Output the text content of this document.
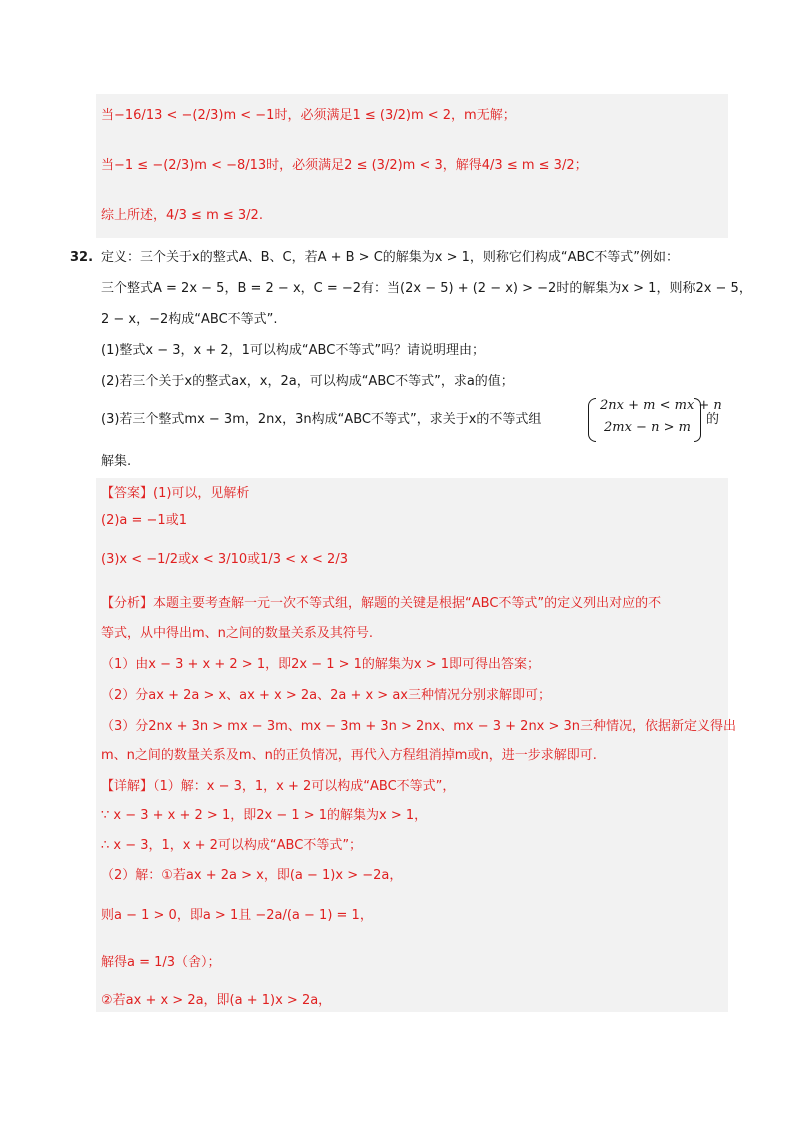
当−16/13 < −(2/3)m < −1时，必须满足1 ≤ (3/2)m < 2，m无解；
当−1 ≤ −(2/3)m < −8/13时，必须满足2 ≤ (3/2)m < 3，解得4/3 ≤ m ≤ 3/2；
综上所述，4/3 ≤ m ≤ 3/2.
32. 定义：三个关于x的整式A、B、C，若A + B > C的解集为x > 1，则称它们构成“ABC不等式”例如：
三个整式A = 2x − 5，B = 2 − x，C = −2有：当(2x − 5) + (2 − x) > −2时的解集为x > 1，则称2x − 5，
2 − x，−2构成“ABC不等式”.
(1)整式x − 3，x + 2，1可以构成“ABC不等式”吗？请说明理由；
(2)若三个关于x的整式ax，x，2a，可以构成“ABC不等式”，求a的值；
(3)若三个整式mx − 3m，2nx，3n构成“ABC不等式”，求关于x的不等式组
2nx + m < mx + n
2mx − n > m
的
解集.
【答案】(1)可以，见解析
(2)a = −1或1
(3)x < −1/2或x < 3/10或1/3 < x < 2/3
【分析】本题主要考查解一元一次不等式组，解题的关键是根据“ABC不等式”的定义列出对应的不
等式，从中得出m、n之间的数量关系及其符号.
（1）由x − 3 + x + 2 > 1，即2x − 1 > 1的解集为x > 1即可得出答案；
（2）分ax + 2a > x、ax + x > 2a、2a + x > ax三种情况分别求解即可；
（3）分2nx + 3n > mx − 3m、mx − 3m + 3n > 2nx、mx − 3 + 2nx > 3n三种情况，依据新定义得出
m、n之间的数量关系及m、n的正负情况，再代入方程组消掉m或n，进一步求解即可.
【详解】（1）解：x − 3，1，x + 2可以构成“ABC不等式”，
∵ x − 3 + x + 2 > 1，即2x − 1 > 1的解集为x > 1，
∴ x − 3，1，x + 2可以构成“ABC不等式”；
（2）解：①若ax + 2a > x，即(a − 1)x > −2a，
则a − 1 > 0，即a > 1且 −2a/(a − 1) = 1，
解得a = 1/3（舍）；
②若ax + x > 2a，即(a + 1)x > 2a，
